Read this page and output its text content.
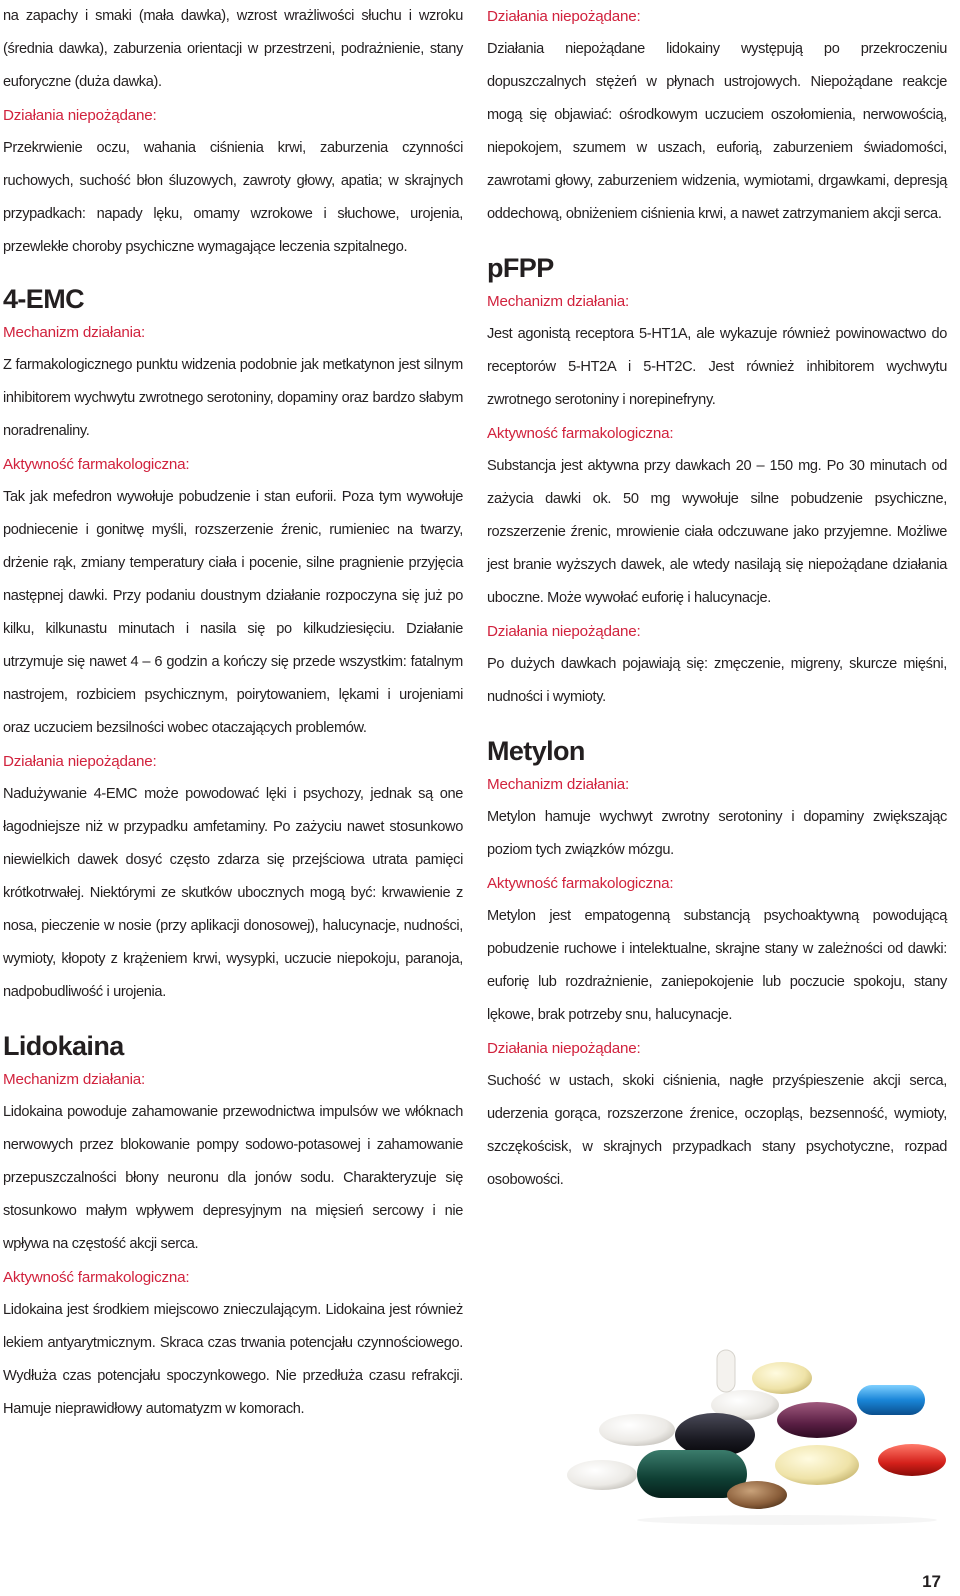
na zapachy i smaki (mała dawka), wzrost wrażliwości słuchu i wzroku (średnia dawka), zaburzenia orientacji w przestrzeni, podrażnienie, stany euforyczne (duża dawka).

Działania niepożądane:

Przekrwienie oczu, wahania ciśnienia krwi, zaburzenia czynności ruchowych, suchość błon śluzowych, zawroty głowy, apatia; w skrajnych przypadkach: napady lęku, omamy wzrokowe i słuchowe, urojenia, przewlekłe choroby psychiczne wymagające leczenia szpitalnego.

4-EMC

Mechanizm działania:

Z farmakologicznego punktu widzenia podobnie jak metkatynon jest silnym inhibitorem wychwytu zwrotnego serotoniny, dopaminy oraz bardzo słabym noradrenaliny.

Aktywność farmakologiczna:

Tak jak mefedron wywołuje pobudzenie i stan euforii. Poza tym wywołuje podniecenie i gonitwę myśli, rozszerzenie źrenic, rumieniec na twarzy, drżenie rąk, zmiany temperatury ciała i pocenie, silne pragnienie przyjęcia następnej dawki. Przy podaniu doustnym działanie rozpoczyna się już po kilku, kilkunastu minutach i nasila się po kilkudziesięciu. Działanie utrzymuje się nawet 4 – 6 godzin a kończy się przede wszystkim: fatalnym nastrojem, rozbiciem psychicznym, poirytowaniem, lękami i urojeniami oraz uczuciem bezsilności wobec otaczających problemów.

Działania niepożądane:

Nadużywanie 4-EMC może powodować lęki i psychozy, jednak są one łagodniejsze niż w przypadku amfetaminy. Po zażyciu nawet stosunkowo niewielkich dawek dosyć często zdarza się przejściowa utrata pamięci krótkotrwałej. Niektórymi ze skutków ubocznych mogą być: krwawienie z nosa, pieczenie w nosie (przy aplikacji donosowej), halucynacje, nudności, wymioty, kłopoty z krążeniem krwi, wysypki, uczucie niepokoju, paranoja, nadpobudliwość i urojenia.

Lidokaina

Mechanizm działania:

Lidokaina powoduje zahamowanie przewodnictwa impulsów we włóknach nerwowych przez blokowanie pompy sodowo-potasowej i zahamowanie przepuszczalności błony neuronu dla jonów sodu. Charakteryzuje się stosunkowo małym wpływem depresyjnym na mięsień sercowy i nie wpływa na częstość akcji serca.

Aktywność farmakologiczna:

Lidokaina jest środkiem miejscowo znieczulającym. Lidokaina jest również lekiem antyarytmicznym. Skraca czas trwania potencjału czynnościowego. Wydłuża czas potencjału spoczynkowego. Nie przedłuża czasu refrakcji. Hamuje nieprawidłowy automatyzm w komorach.

Działania niepożądane:

Działania niepożądane lidokainy występują po przekroczeniu dopuszczalnych stężeń w płynach ustrojowych. Niepożądane reakcje mogą się objawiać: ośrodkowym uczuciem oszołomienia, nerwowością, niepokojem, szumem w uszach, euforią, zaburzeniem świadomości, zawrotami głowy, zaburzeniem widzenia, wymiotami, drgawkami, depresją oddechową, obniżeniem ciśnienia krwi, a nawet zatrzymaniem akcji serca.

pFPP

Mechanizm działania:

Jest agonistą receptora 5-HT1A, ale wykazuje również powinowactwo do receptorów 5-HT2A i 5-HT2C. Jest również inhibitorem wychwytu zwrotnego serotoniny i norepinefryny.

Aktywność farmakologiczna:

Substancja jest aktywna przy dawkach 20 – 150 mg. Po 30 minutach od zażycia dawki ok. 50 mg wywołuje silne pobudzenie psychiczne, rozszerzenie źrenic, mrowienie ciała odczuwane jako przyjemne. Możliwe jest branie wyższych dawek, ale wtedy nasilają się niepożądane działania uboczne. Może wywołać euforię i halucynacje.

Działania niepożądane:

Po dużych dawkach pojawiają się: zmęczenie, migreny, skurcze mięśni, nudności i wymioty.

Metylon

Mechanizm działania:

Metylon hamuje wychwyt zwrotny serotoniny i dopaminy zwiększając poziom tych związków mózgu.

Aktywność farmakologiczna:

Metylon jest empatogenną substancją psychoaktywną powodującą pobudzenie ruchowe i intelektualne, skrajne stany w zależności od dawki: euforię lub rozdrażnienie, zaniepokojenie lub poczucie spokoju, stany lękowe, brak potrzeby snu, halucynacje.

Działania niepożądane:

Suchość w ustach, skoki ciśnienia, nagłe przyśpieszenie akcji serca, uderzenia gorąca, rozszerzone źrenice, oczopląs, bezsenność, wymioty, szczękościsk, w skrajnych przypadkach stany psychotyczne, rozpad osobowości.

17
